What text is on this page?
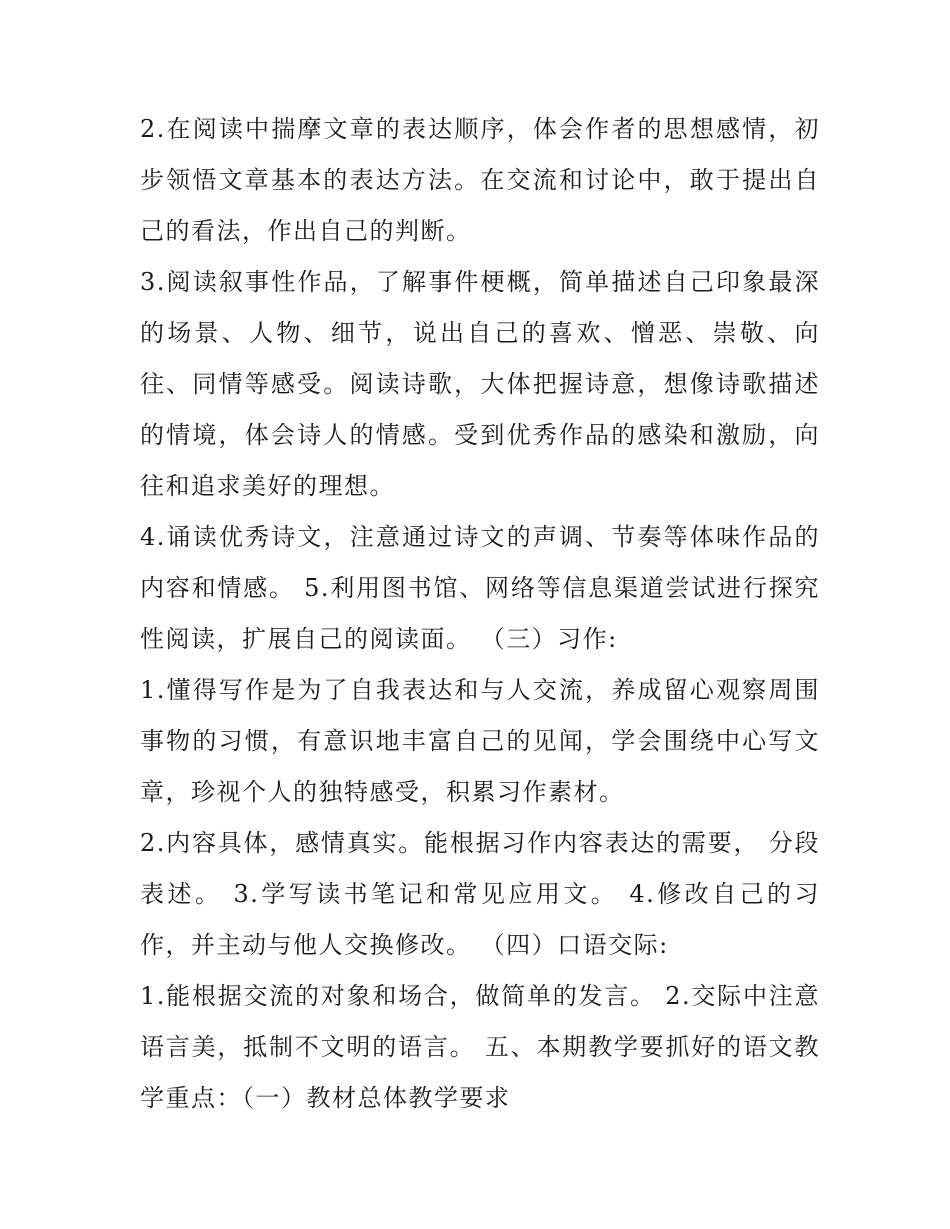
2.在阅读中揣摩文章的表达顺序，体会作者的思想感情，初步领悟文章基本的表达方法。在交流和讨论中，敢于提出自己的看法，作出自己的判断。

3.阅读叙事性作品，了解事件梗概，简单描述自己印象最深的场景、人物、细节，说出自己的喜欢、憎恶、崇敬、向往、同情等感受。阅读诗歌，大体把握诗意，想像诗歌描述的情境，体会诗人的情感。受到优秀作品的感染和激励，向往和追求美好的理想。

4.诵读优秀诗文，注意通过诗文的声调、节奏等体味作品的内容和情感。 5.利用图书馆、网络等信息渠道尝试进行探究性阅读，扩展自己的阅读面。 （三）习作:

1.懂得写作是为了自我表达和与人交流，养成留心观察周围事物的习惯，有意识地丰富自己的见闻，学会围绕中心写文章，珍视个人的独特感受，积累习作素材。

2.内容具体，感情真实。能根据习作内容表达的需要， 分段表述。 3.学写读书笔记和常见应用文。 4.修改自己的习作，并主动与他人交换修改。 （四）口语交际:

1.能根据交流的对象和场合，做简单的发言。 2.交际中注意语言美，抵制不文明的语言。 五、本期教学要抓好的语文教学重点：（一）教材总体教学要求
